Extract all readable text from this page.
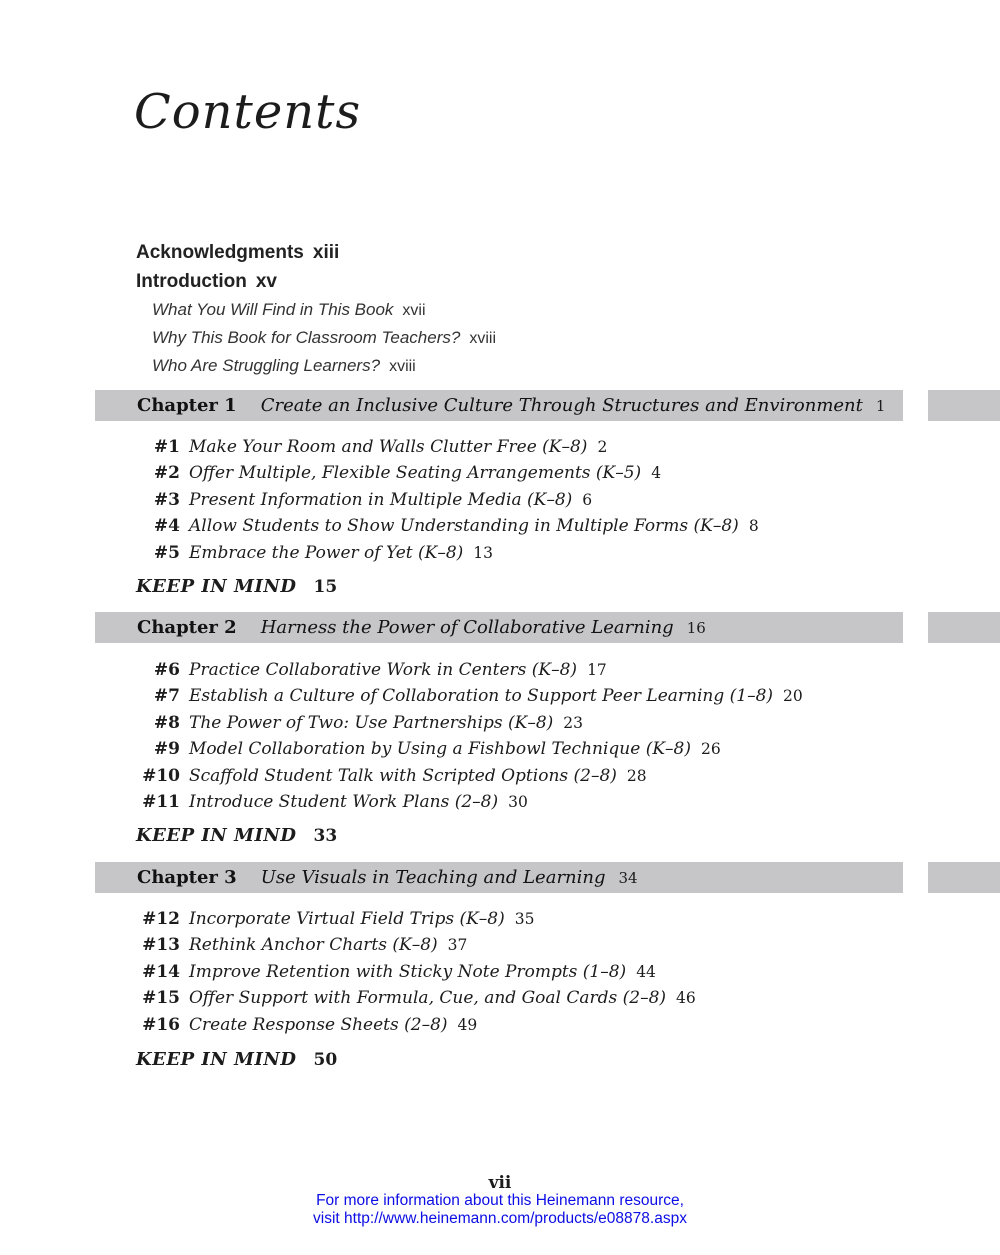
Contents
Acknowledgments xiii
Introduction xv
What You Will Find in This Book xvii
Why This Book for Classroom Teachers? xviii
Who Are Struggling Learners? xviii
Chapter 1 Create an Inclusive Culture Through Structures and Environment 1
#1 Make Your Room and Walls Clutter Free (K–8) 2
#2 Offer Multiple, Flexible Seating Arrangements (K–5) 4
#3 Present Information in Multiple Media (K–8) 6
#4 Allow Students to Show Understanding in Multiple Forms (K–8) 8
#5 Embrace the Power of Yet (K–8) 13
KEEP IN MIND 15
Chapter 2 Harness the Power of Collaborative Learning 16
#6 Practice Collaborative Work in Centers (K–8) 17
#7 Establish a Culture of Collaboration to Support Peer Learning (1–8) 20
#8 The Power of Two: Use Partnerships (K–8) 23
#9 Model Collaboration by Using a Fishbowl Technique (K–8) 26
#10 Scaffold Student Talk with Scripted Options (2–8) 28
#11 Introduce Student Work Plans (2–8) 30
KEEP IN MIND 33
Chapter 3 Use Visuals in Teaching and Learning 34
#12 Incorporate Virtual Field Trips (K–8) 35
#13 Rethink Anchor Charts (K–8) 37
#14 Improve Retention with Sticky Note Prompts (1–8) 44
#15 Offer Support with Formula, Cue, and Goal Cards (2–8) 46
#16 Create Response Sheets (2–8) 49
KEEP IN MIND 50
vii
For more information about this Heinemann resource,
visit http://www.heinemann.com/products/e08878.aspx
